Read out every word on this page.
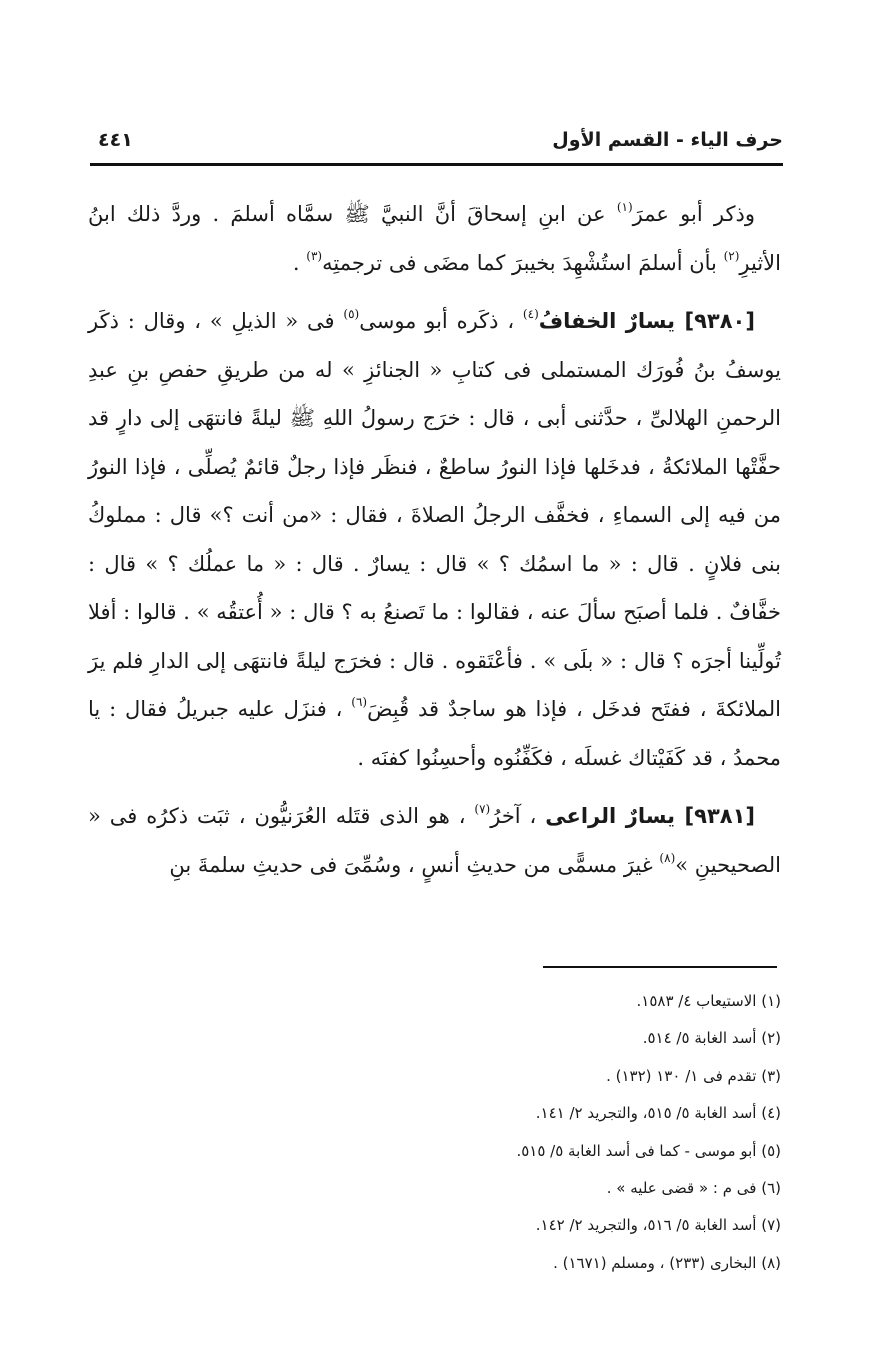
حرف الياء - القسم الأول
٤٤١

وذكر أبو عمرَ$^{(١)}$ عن ابنِ إسحاقَ أنَّ النبيَّ ﷺ سمَّاه أسلمَ . وردَّ ذلك ابنُ الأثيرِ$^{(٢)}$ بأن أسلمَ استُشْهِدَ بخيبرَ كما مضَى فى ترجمتِه$^{(٣)}$ .

[٩٣٨٠] يسارٌ الخفافُ$^{(٤)}$ ، ذكَره أبو موسى$^{(٥)}$ فى « الذيلِ » ، وقال : ذكَر يوسفُ بنُ فُورَك المستملى فى كتابِ « الجنائزِ » له من طريقِ حفصِ بنِ عبدِ الرحمنِ الهلالىِّ ، حدَّثنى أبى ، قال : خرَج رسولُ اللهِ ﷺ ليلةً فانتهَى إلى دارٍ قد حفَّتْها الملائكةُ ، فدخَلها فإذا النورُ ساطعٌ ، فنظَر فإذا رجلٌ قائمٌ يُصلِّى ، فإذا النورُ من فيه إلى السماءِ ، فخفَّف الرجلُ الصلاةَ ، فقال : «من أنت ؟» قال : مملوكُ بنى فلانٍ . قال : « ما اسمُك ؟ » قال : يسارٌ . قال : « ما عملُك ؟ » قال : خفَّافٌ . فلما أصبَح سألَ عنه ، فقالوا : ما تَصنعُ به ؟ قال : « أُعتقُه » . قالوا : أفلا تُولِّينا أجرَه ؟ قال : « بلَى » . فأعْتَقوه . قال : فخرَج ليلةً فانتهَى إلى الدارِ فلم يرَ الملائكةَ ، ففتَح فدخَل ، فإذا هو ساجدٌ قد قُبِضَ$^{(٦)}$ ، فنزَل عليه جبريلُ فقال : يا محمدُ ، قد كَفَيْتاك غسلَه ، فكَفِّنُوه وأحسِنُوا كفنَه .

[٩٣٨١] يسارٌ الراعى ، آخرُ$^{(٧)}$ ، هو الذى قتَله العُرَنيُّون ، ثبَت ذكرُه فى « الصحيحينِ »$^{(٨)}$ غيرَ مسمًّى من حديثِ أنسٍ ، وسُمِّىَ فى حديثِ سلمةَ بنِ

(١) الاستيعاب ٤/ ١٥٨٣.
(٢) أسد الغابة ٥/ ٥١٤.
(٣) تقدم فى ١/ ١٣٠ (١٣٢) .
(٤) أسد الغابة ٥/ ٥١٥، والتجريد ٢/ ١٤١.
(٥) أبو موسى - كما فى أسد الغابة ٥/ ٥١٥.
(٦) فى م : « قضى عليه » .
(٧) أسد الغابة ٥/ ٥١٦، والتجريد ٢/ ١٤٢.
(٨) البخارى (٢٣٣) ، ومسلم (١٦٧١) .
